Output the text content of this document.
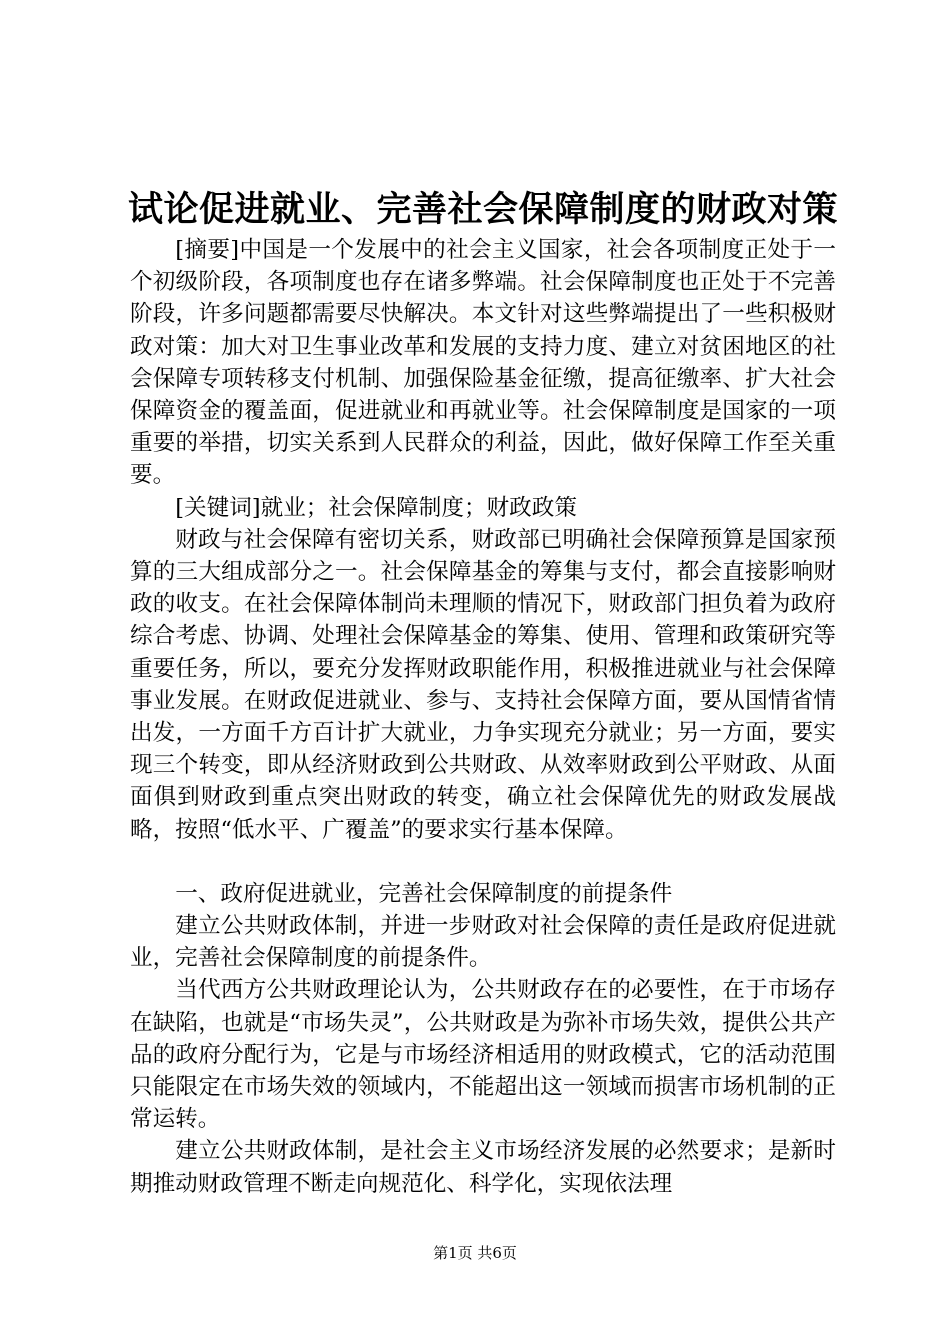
试论促进就业、完善社会保障制度的财政对策

[摘要]中国是一个发展中的社会主义国家，社会各项制度正处于一个初级阶段，各项制度也存在诸多弊端。社会保障制度也正处于不完善阶段，许多问题都需要尽快解决。本文针对这些弊端提出了一些积极财政对策：加大对卫生事业改革和发展的支持力度、建立对贫困地区的社会保障专项转移支付机制、加强保险基金征缴，提高征缴率、扩大社会保障资金的覆盖面，促进就业和再就业等。社会保障制度是国家的一项重要的举措，切实关系到人民群众的利益，因此，做好保障工作至关重要。

[关键词]就业；社会保障制度；财政政策

财政与社会保障有密切关系，财政部已明确社会保障预算是国家预算的三大组成部分之一。社会保障基金的筹集与支付，都会直接影响财政的收支。在社会保障体制尚未理顺的情况下，财政部门担负着为政府综合考虑、协调、处理社会保障基金的筹集、使用、管理和政策研究等重要任务，所以，要充分发挥财政职能作用，积极推进就业与社会保障事业发展。在财政促进就业、参与、支持社会保障方面，要从国情省情出发，一方面千方百计扩大就业，力争实现充分就业；另一方面，要实现三个转变，即从经济财政到公共财政、从效率财政到公平财政、从面面俱到财政到重点突出财政的转变，确立社会保障优先的财政发展战略，按照“低水平、广覆盖”的要求实行基本保障。

一、政府促进就业，完善社会保障制度的前提条件

建立公共财政体制，并进一步财政对社会保障的责任是政府促进就业，完善社会保障制度的前提条件。

当代西方公共财政理论认为，公共财政存在的必要性，在于市场存在缺陷，也就是“市场失灵”，公共财政是为弥补市场失效，提供公共产品的政府分配行为，它是与市场经济相适用的财政模式，它的活动范围只能限定在市场失效的领域内，不能超出这一领域而损害市场机制的正常运转。

建立公共财政体制，是社会主义市场经济发展的必然要求；是新时期推动财政管理不断走向规范化、科学化，实现依法理

第1页 共6页
